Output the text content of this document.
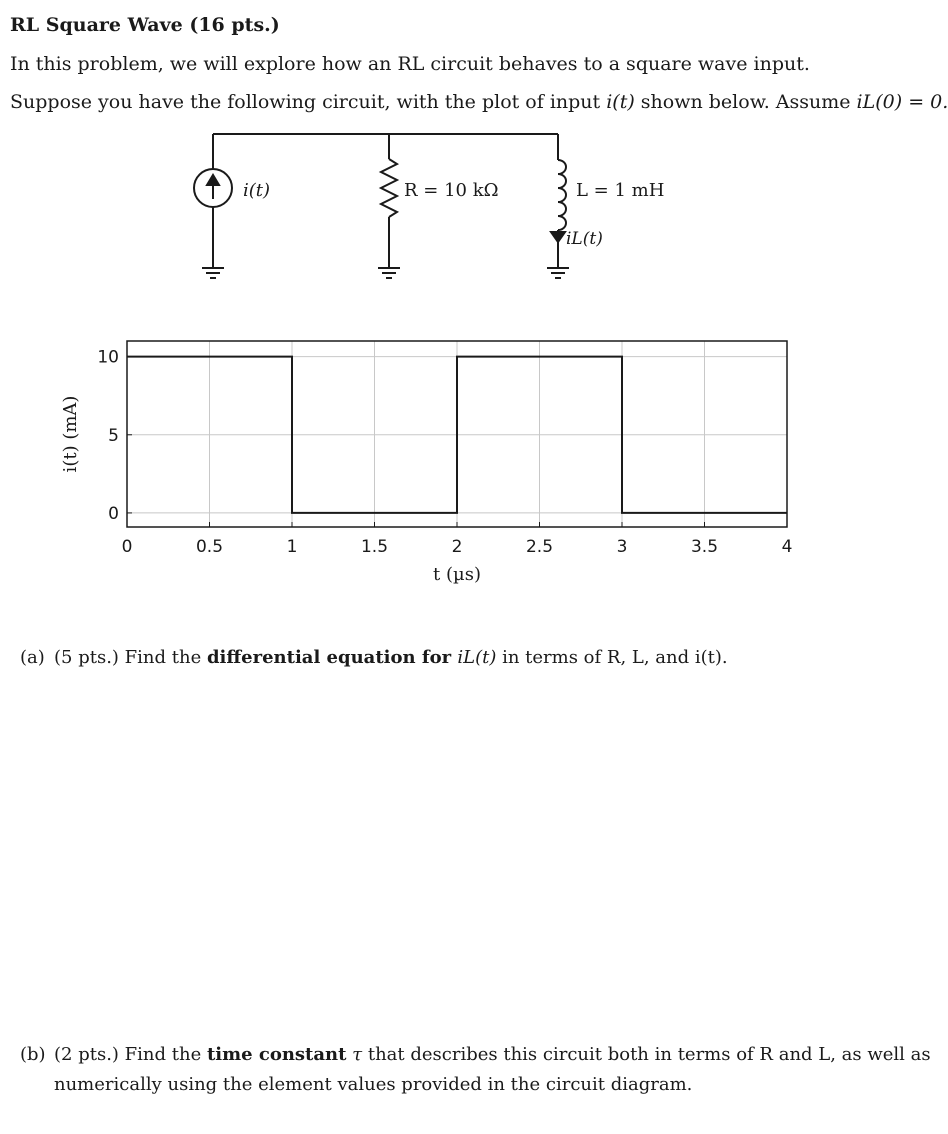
RL Square Wave (16 pts.)
In this problem, we will explore how an RL circuit behaves to a square wave input.
Suppose you have the following circuit, with the plot of input i(t) shown below. Assume iL(0) = 0.
i(t)	R = 10 kΩ	L = 1 mH
iL(t)
0	0.5	1	1.5	2	2.5	3	3.5	4
0
5
10
t (µs)
i(t) (mA)
(a) (5 pts.) Find the differential equation for iL(t) in terms of R, L, and i(t).
(b) (2 pts.) Find the time constant τ that describes this circuit both in terms of R and L, as well as
numerically using the element values provided in the circuit diagram.
